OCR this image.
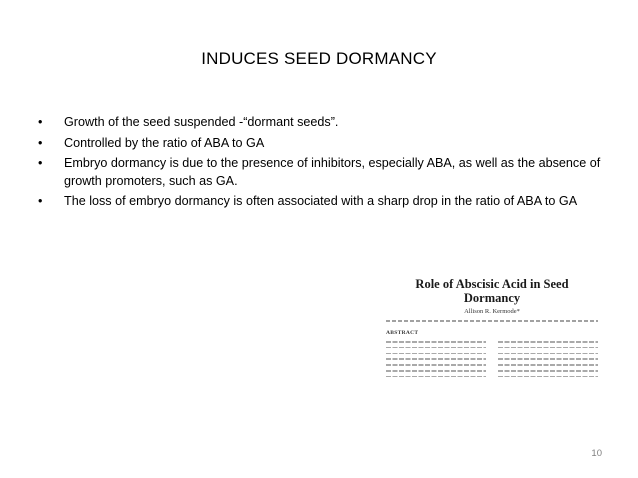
INDUCES SEED DORMANCY
• Growth of the seed suspended -“dormant seeds”.
• Controlled by the ratio of ABA to GA
• Embryo dormancy is due to the presence of inhibitors, especially ABA, as well as the absence of growth promoters, such as GA.
• The loss of embryo dormancy is often associated with a sharp drop in the ratio of ABA to GA
Role of Abscisic Acid in Seed
Dormancy
Allison R. Kermode*
ABSTRACT
10
